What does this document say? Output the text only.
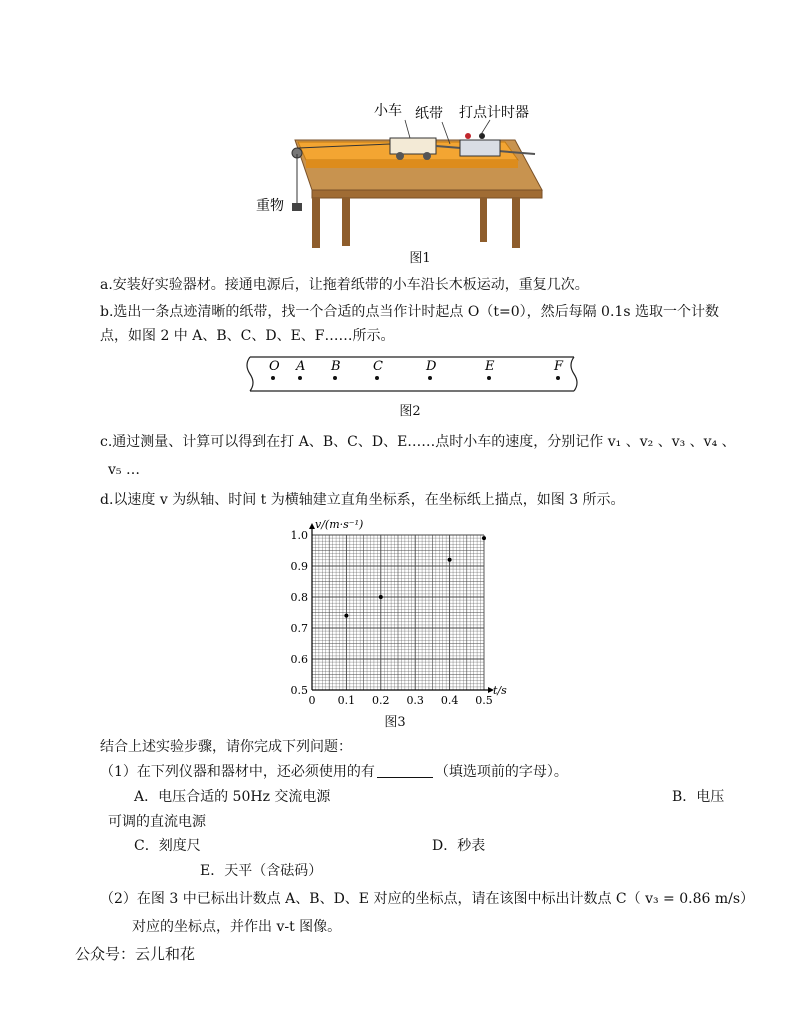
小车 纸带 打点计时器
重物
图1
a.安装好实验器材。接通电源后，让拖着纸带的小车沿长木板运动，重复几次。
b.选出一条点迹清晰的纸带，找一个合适的点当作计时起点 O（t=0），然后每隔 0.1s 选取一个计数
点，如图 2 中 A、B、C、D、E、F……所示。
O A B C	D	E	F
图2
c.通过测量、计算可以得到在打 A、B、C、D、E……点时小车的速度，分别记作 v₁ 、v₂ 、v₃ 、v₄ 、
v₅ …
d.以速度 v 为纵轴、时间 t 为横轴建立直角坐标系，在坐标纸上描点，如图 3 所示。
1.0
0.9
0.8
0.7
0.6
0.5
0 0.1 0.2 0.3 0.4 0.5
v/(m·s⁻¹)
t/s
图3
结合上述实验步骤，请你完成下列问题：
（1）在下列仪器和器材中，还必须使用的有	（填选项前的字母）。
A．电压合适的 50Hz 交流电源	B．电压
可调的直流电源
C．刻度尺	D．秒表
E．天平（含砝码）
（2）在图 3 中已标出计数点 A、B、D、E 对应的坐标点，请在该图中标出计数点 C（ v₃ = 0.86 m/s）
对应的坐标点，并作出 v-t 图像。
公众号：云儿和花
